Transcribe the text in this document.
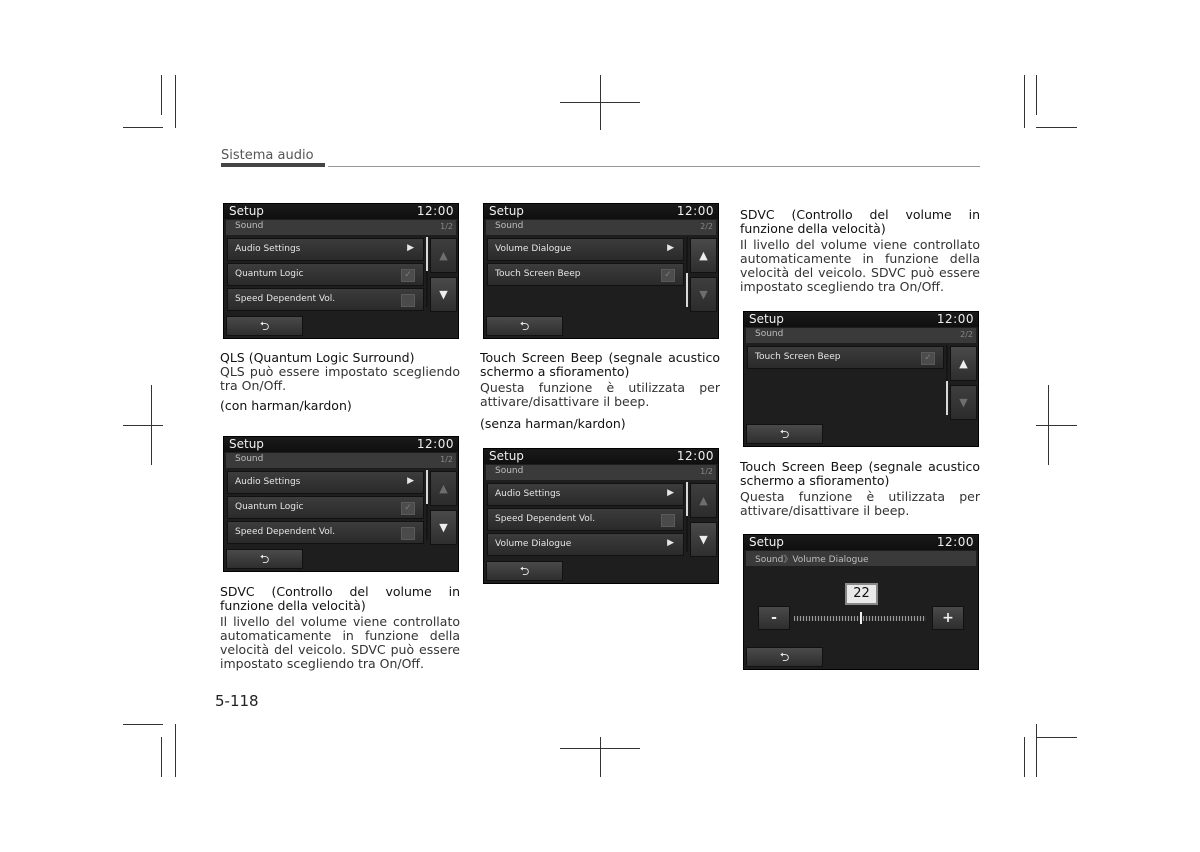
Sistema audio
Setup	12:00
Sound	1/2
Audio Settings	▶
Quantum Logic	✓
Speed Dependent Vol.
▲
▼
⮌

QLS (Quantum Logic Surround)

QLS può essere impostato scegliendo tra On/Off.

(con harman/kardon)

Setup	12:00
Sound	1/2
Audio Settings	▶
Quantum Logic	✓
Speed Dependent Vol.
▲
▼
⮌

SDVC (Controllo del volume in funzione della velocità)

Il livello del volume viene controllato automaticamente in funzione della velocità del veicolo. SDVC può essere impostato scegliendo tra On/Off.

5-118
Setup	12:00
Sound	2/2
Volume Dialogue	▶
Touch Screen Beep	✓
▲
▼
⮌

Touch Screen Beep (segnale acustico schermo a sfioramento)

Questa funzione è utilizzata per attivare/disattivare il beep.

(senza harman/kardon)

Setup	12:00
Sound	1/2
Audio Settings	▶
Speed Dependent Vol.
Volume Dialogue	▶
▲
▼
⮌

SDVC (Controllo del volume in funzione della velocità)

Il livello del volume viene controllato automaticamente in funzione della velocità del veicolo. SDVC può essere impostato scegliendo tra On/Off.

Setup	12:00
Sound	2/2
Touch Screen Beep	✓	▲
▼
⮌

Touch Screen Beep (segnale acustico schermo a sfioramento)

Questa funzione è utilizzata per attivare/disattivare il beep.

Setup	12:00
Sound》Volume Dialogue
22
-	+
⮌
